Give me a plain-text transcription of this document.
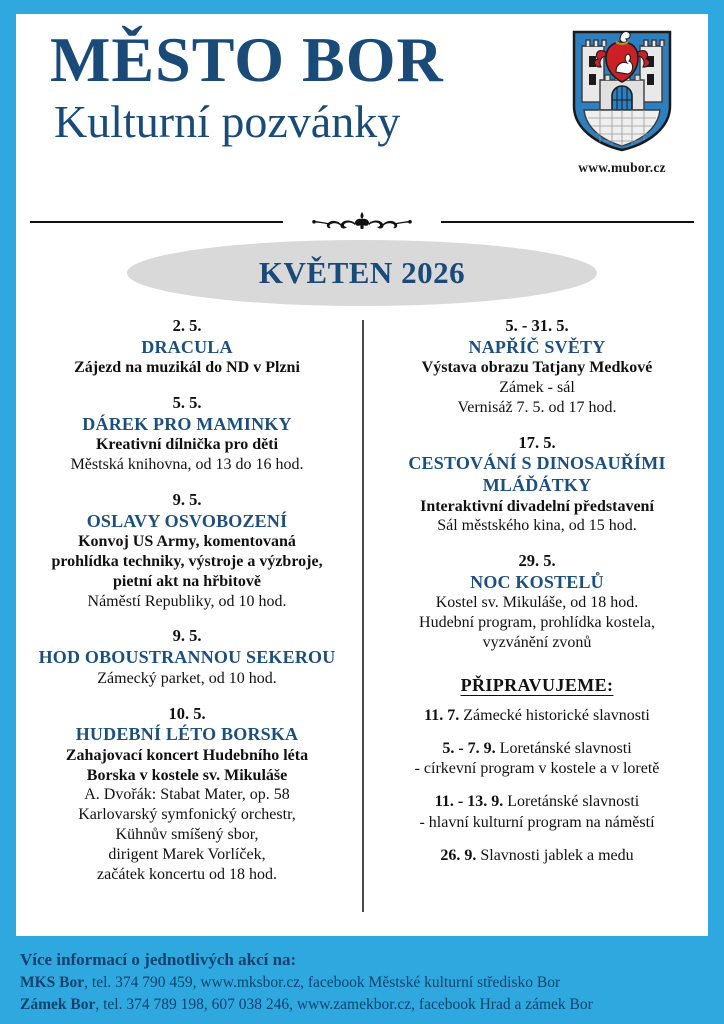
MĚSTO BOR
Kulturní pozvánky
www.mubor.cz
KVĚTEN 2026
2. 5.
DRACULA
Zájezd na muzikál do ND v Plzni
5. 5.
DÁREK PRO MAMINKY
Kreativní dílnička pro děti
Městská knihovna, od 13 do 16 hod.
9. 5.
OSLAVY OSVOBOZENÍ
Konvoj US Army, komentovaná
prohlídka techniky, výstroje a výzbroje,
pietní akt na hřbitově
Náměstí Republiky, od 10 hod.
9. 5.
HOD OBOUSTRANNOU SEKEROU
Zámecký parket, od 10 hod.
10. 5.
HUDEBNÍ LÉTO BORSKA
Zahajovací koncert Hudebního léta
Borska v kostele sv. Mikuláše
A. Dvořák: Stabat Mater, op. 58
Karlovarský symfonický orchestr,
Kühnův smíšený sbor,
dirigent Marek Vorlíček,
začátek koncertu od 18 hod.
5. - 31. 5.
NAPŘÍČ SVĚTY
Výstava obrazu Tatjany Medkové
Zámek - sál
Vernisáž 7. 5. od 17 hod.
17. 5.
CESTOVÁNÍ S DINOSAUŘÍMI MLÁĎÁTKY
Interaktivní divadelní představení
Sál městského kina, od 15 hod.
29. 5.
NOC KOSTELŮ
Kostel sv. Mikuláše, od 18 hod.
Hudební program, prohlídka kostela,
vyzvánění zvonů
PŘIPRAVUJEME:
11. 7. Zámecké historické slavnosti
5. - 7. 9. Loretánské slavnosti
- církevní program v kostele a v loretě
11. - 13. 9. Loretánské slavnosti
- hlavní kulturní program na náměstí
26. 9. Slavnosti jablek a medu
Více informací o jednotlivých akcí na:
MKS Bor, tel. 374 790 459, www.mksbor.cz, facebook Městské kulturní středisko Bor
Zámek Bor, tel. 374 789 198, 607 038 246, www.zamekbor.cz, facebook Hrad a zámek Bor
